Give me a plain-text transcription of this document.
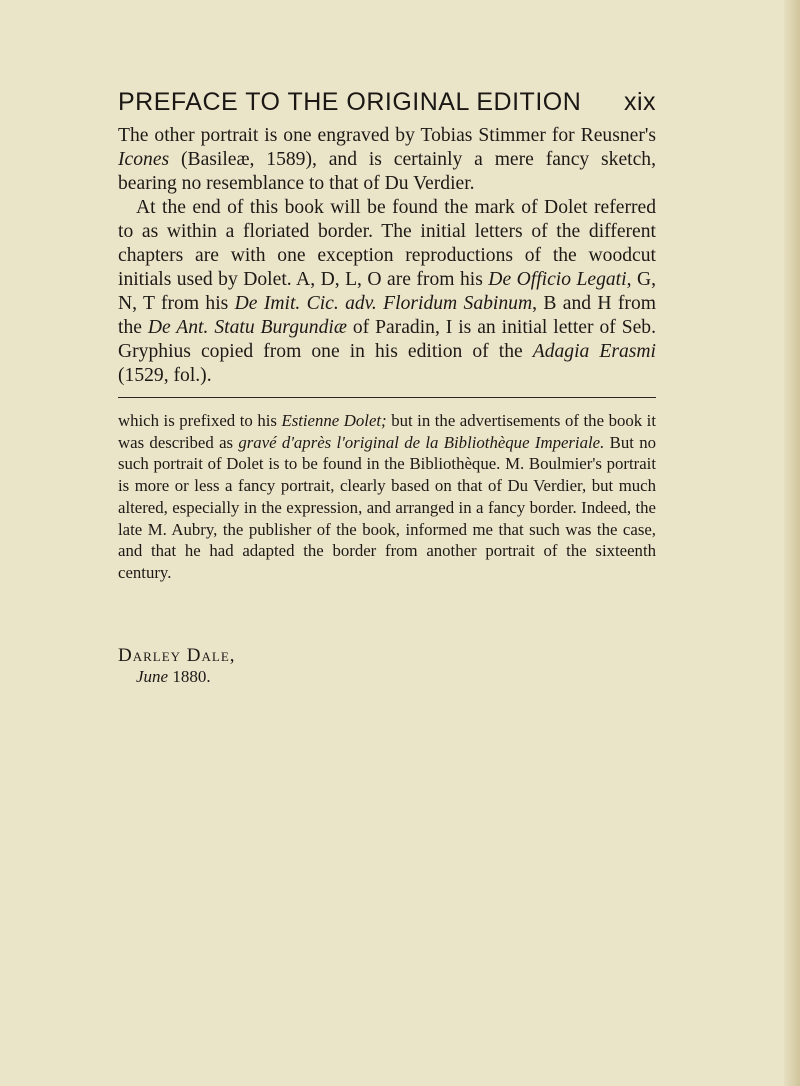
PREFACE TO THE ORIGINAL EDITION xix

The other portrait is one engraved by Tobias Stimmer for Reusner's Icones (Basileæ, 1589), and is certainly a mere fancy sketch, bearing no resemblance to that of Du Verdier.

At the end of this book will be found the mark of Dolet referred to as within a floriated border. The initial letters of the different chapters are with one exception reproductions of the woodcut initials used by Dolet. A, D, L, O are from his De Officio Legati, G, N, T from his De Imit. Cic. adv. Floridum Sabinum, B and H from the De Ant. Statu Burgundiæ of Paradin, I is an initial letter of Seb. Gryphius copied from one in his edition of the Adagia Erasmi (1529, fol.).

which is prefixed to his Estienne Dolet; but in the advertisements of the book it was described as gravé d'après l'original de la Bibliothèque Imperiale. But no such portrait of Dolet is to be found in the Bibliothèque. M. Boulmier's portrait is more or less a fancy portrait, clearly based on that of Du Verdier, but much altered, especially in the expression, and arranged in a fancy border. Indeed, the late M. Aubry, the publisher of the book, informed me that such was the case, and that he had adapted the border from another portrait of the sixteenth century.

Darley Dale,
June 1880.
